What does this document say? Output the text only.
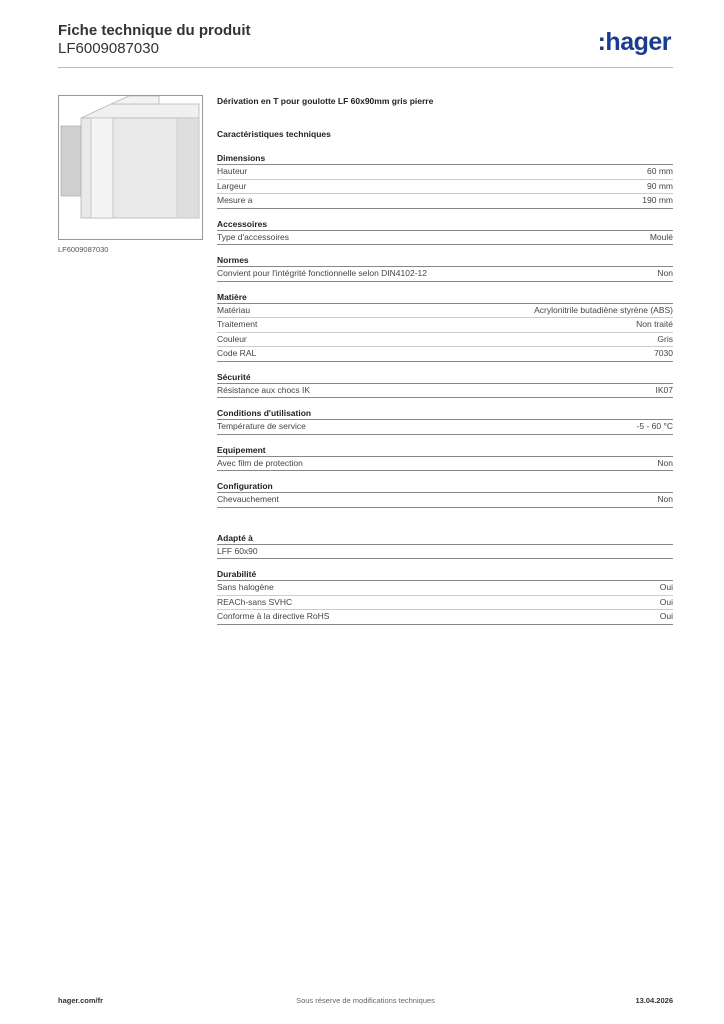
Fiche technique du produit
LF6009087030	:hager
LF6009087030
Dérivation en T pour goulotte LF 60x90mm gris pierre
Caractéristiques techniques
Dimensions
Hauteur	60 mm
Largeur	90 mm
Mesure a	190 mm
Accessoires
Type d'accessoires	Moulé
Normes
Convient pour l'intégrité fonctionnelle selon DIN4102-12	Non
Matière
Matériau	Acrylonitrile butadiène styrène (ABS)
Traitement	Non traité
Couleur	Gris
Code RAL	7030
Sécurité
Résistance aux chocs IK	IK07
Conditions d'utilisation
Température de service	-5 - 60 °C
Equipement
Avec film de protection	Non
Configuration
Chevauchement	Non
Adapté à
LFF 60x90
Durabilité
Sans halogène	Oui
REACh-sans SVHC	Oui
Conforme à la directive RoHS	Oui
hager.com/fr	Sous réserve de modifications techniques	13.04.2026
